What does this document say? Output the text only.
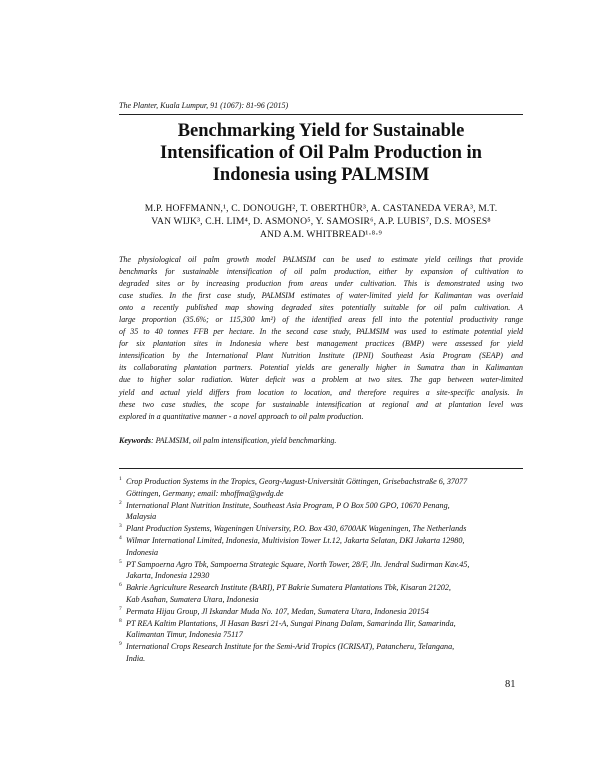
The Planter, Kuala Lumpur, 91 (1067): 81-96 (2015)
Benchmarking Yield for Sustainable
Intensification of Oil Palm Production in
Indonesia using PALMSIM
M.P. HOFFMANN,¹, C. DONOUGH², T. OBERTHÜR³, A. CASTANEDA VERA³, M.T.
VAN WIJK³, C.H. LIM⁴, D. ASMONO⁵, Y. SAMOSIR⁶, A.P. LUBIS⁷, D.S. MOSES⁸
AND A.M. WHITBREAD¹·⁸·⁹
The physiological oil palm growth model PALMSIM can be used to estimate yield ceilings that provide
benchmarks for sustainable intensification of oil palm production, either by expansion of cultivation to
degraded sites or by increasing production from areas under cultivation. This is demonstrated using two
case studies. In the first case study, PALMSIM estimates of water-limited yield for Kalimantan was overlaid
onto a recently published map showing degraded sites potentially suitable for oil palm cultivation. A
large proportion (35.6%; or 115,300 km²) of the identified areas fell into the potential productivity range
of 35 to 40 tonnes FFB per hectare. In the second case study, PALMSIM was used to estimate potential yield
for six plantation sites in Indonesia where best management practices (BMP) were assessed for yield
intensification by the International Plant Nutrition Institute (IPNI) Southeast Asia Program (SEAP) and
its collaborating plantation partners. Potential yields are generally higher in Sumatra than in Kalimantan
due to higher solar radiation. Water deficit was a problem at two sites. The gap between water-limited
yield and actual yield differs from location to location, and therefore requires a site-specific analysis. In
these two case studies, the scope for sustainable intensification at regional and at plantation level was
explored in a quantitative manner - a novel approach to oil palm production.
Keywords: PALMSIM, oil palm intensification, yield benchmarking.
1 Crop Production Systems in the Tropics, Georg-August-Universität Göttingen, Grisebachstraße 6, 37077
Göttingen, Germany; email: mhoffma@gwdg.de
2 International Plant Nutrition Institute, Southeast Asia Program, P O Box 500 GPO, 10670 Penang,
Malaysia
3 Plant Production Systems, Wageningen University, P.O. Box 430, 6700AK Wageningen, The Netherlands
4 Wilmar International Limited, Indonesia, Multivision Tower Lt.12, Jakarta Selatan, DKI Jakarta 12980,
Indonesia
5 PT Sampoerna Agro Tbk, Sampoerna Strategic Square, North Tower, 28/F, Jln. Jendral Sudirman Kav.45,
Jakarta, Indonesia 12930
6 Bakrie Agriculture Research Institute (BARI), PT Bakrie Sumatera Plantations Tbk, Kisaran 21202,
Kab Asahan, Sumatera Utara, Indonesia
7 Permata Hijau Group, Jl Iskandar Muda No. 107, Medan, Sumatera Utara, Indonesia 20154
8 PT REA Kaltim Plantations, Jl Hasan Basri 21-A, Sungai Pinang Dalam, Samarinda Ilir, Samarinda,
Kalimantan Timur, Indonesia 75117
9 International Crops Research Institute for the Semi-Arid Tropics (ICRISAT), Patancheru, Telangana,
India.
81
